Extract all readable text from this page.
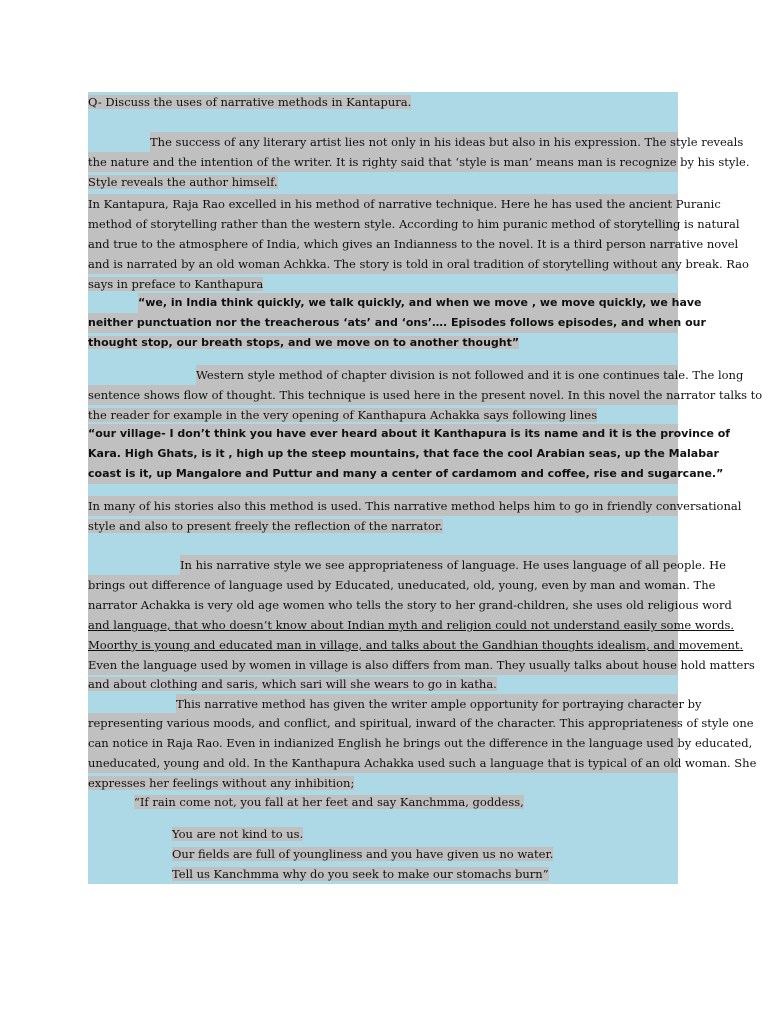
Q- Discuss the uses of narrative methods in Kantapura.
The success of any literary artist lies not only in his ideas but also in his expression. The style reveals
the nature and the intention of the writer. It is righty said that ‘style is man’ means man is recognize by his style.
Style reveals the author himself.
In Kantapura, Raja Rao excelled in his method of narrative technique. Here he has used the ancient Puranic
method of storytelling rather than the western style. According to him puranic method of storytelling is natural
and true to the atmosphere of India, which gives an Indianness to the novel. It is a third person narrative novel
and is narrated by an old woman Achkka. The story is told in oral tradition of storytelling without any break. Rao
says in preface to Kanthapura
“we, in India think quickly, we talk quickly, and when we move , we move quickly, we have
neither punctuation nor the treacherous ‘ats’ and ‘ons’…. Episodes follows episodes, and when our
thought stop, our breath stops, and we move on to another thought”
Western style method of chapter division is not followed and it is one continues tale. The long
sentence shows flow of thought. This technique is used here in the present novel. In this novel the narrator talks to
the reader for example in the very opening of Kanthapura Achakka says following lines
“our village- I don’t think you have ever heard about it Kanthapura is its name and it is the province of
Kara. High Ghats, is it , high up the steep mountains, that face the cool Arabian seas, up the Malabar
coast is it, up Mangalore and Puttur and many a center of cardamom and coffee, rise and sugarcane.”
In many of his stories also this method is used. This narrative method helps him to go in friendly conversational
style and also to present freely the reflection of the narrator.
In his narrative style we see appropriateness of language. He uses language of all people. He
brings out difference of language used by Educated, uneducated, old, young, even by man and woman. The
narrator Achakka is very old age women who tells the story to her grand-children, she uses old religious word
and language, that who doesn’t know about Indian myth and religion could not understand easily some words.
Moorthy is young and educated man in village, and talks about the Gandhian thoughts idealism, and movement.
Even the language used by women in village is also differs from man. They usually talks about house hold matters
and about clothing and saris, which sari will she wears to go in katha.
This narrative method has given the writer ample opportunity for portraying character by
representing various moods, and conflict, and spiritual, inward of the character. This appropriateness of style one
can notice in Raja Rao. Even in indianized English he brings out the difference in the language used by educated,
uneducated, young and old. In the Kanthapura Achakka used such a language that is typical of an old woman. She
expresses her feelings without any inhibition;
“If rain come not, you fall at her feet and say Kanchmma, goddess,
You are not kind to us.
Our fields are full of youngliness and you have given us no water.
Tell us Kanchmma why do you seek to make our stomachs burn”
